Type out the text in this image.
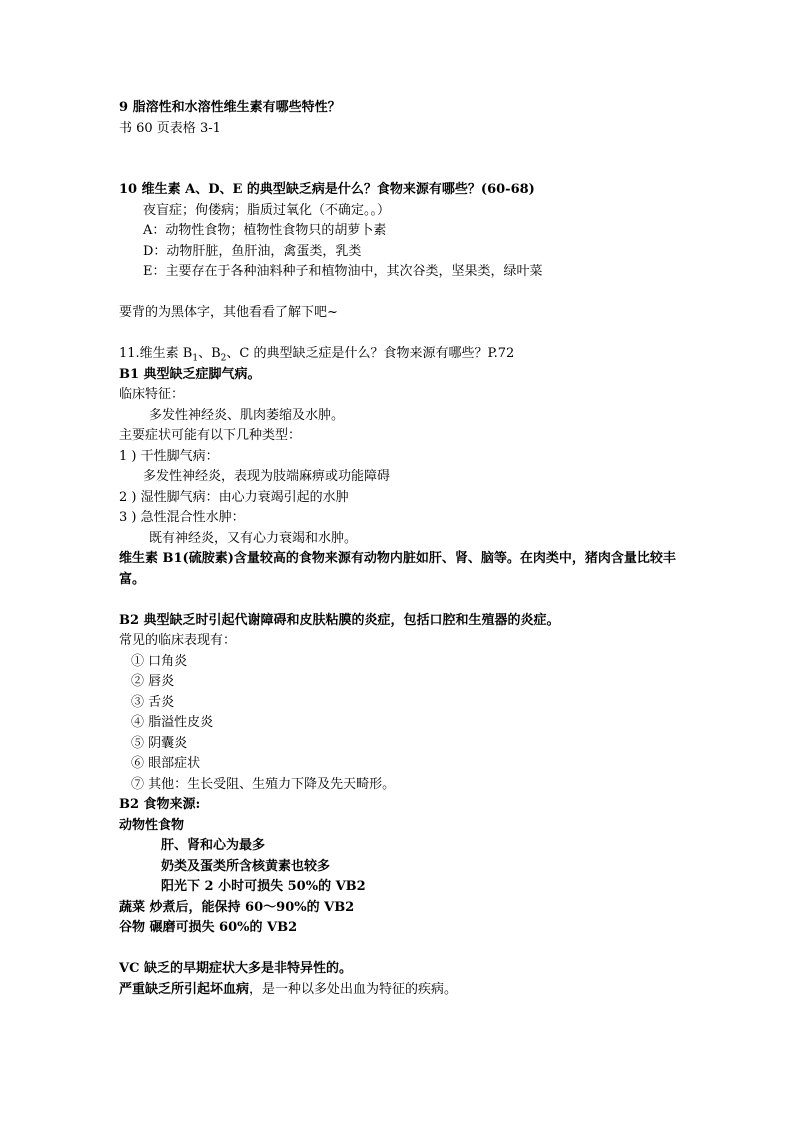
9 脂溶性和水溶性维生素有哪些特性？
书 60 页表格 3-1
10 维生素 A、D、E 的典型缺乏病是什么？食物来源有哪些？(60-68)
夜盲症；佝偻病；脂质过氧化（不确定。。）
A：动物性食物；植物性食物只的胡萝卜素
D：动物肝脏，鱼肝油，禽蛋类，乳类
E：主要存在于各种油料种子和植物油中，其次谷类，坚果类，绿叶菜
要背的为黑体字，其他看看了解下吧~
11.维生素 $B_1$、$B_2$、C 的典型缺乏症是什么？食物来源有哪些？P.72
B1 典型缺乏症脚气病。
临床特征：
多发性神经炎、肌肉萎缩及水肿。
主要症状可能有以下几种类型：
1 ) 干性脚气病：
多发性神经炎，表现为肢端麻痹或功能障碍
2 ) 湿性脚气病：由心力衰竭引起的水肿
3 ) 急性混合性水肿：
既有神经炎，又有心力衰竭和水肿。
维生素 B1(硫胺素)含量较高的食物来源有动物内脏如肝、肾、脑等。在肉类中，猪肉含量比较丰富。
B2 典型缺乏时引起代谢障碍和皮肤粘膜的炎症，包括口腔和生殖器的炎症。
常见的临床表现有：
① 口角炎
② 唇炎
③ 舌炎
④ 脂溢性皮炎
⑤ 阴囊炎
⑥ 眼部症状
⑦ 其他：生长受阻、生殖力下降及先天畸形。
B2 食物来源:
动物性食物
肝、肾和心为最多
奶类及蛋类所含核黄素也较多
阳光下 2 小时可损失 50%的 VB2
蔬菜 炒煮后，能保持 60～90%的 VB2
谷物 碾磨可损失 60%的 VB2
VC 缺乏的早期症状大多是非特异性的。
严重缺乏所引起坏血病，是一种以多处出血为特征的疾病。
